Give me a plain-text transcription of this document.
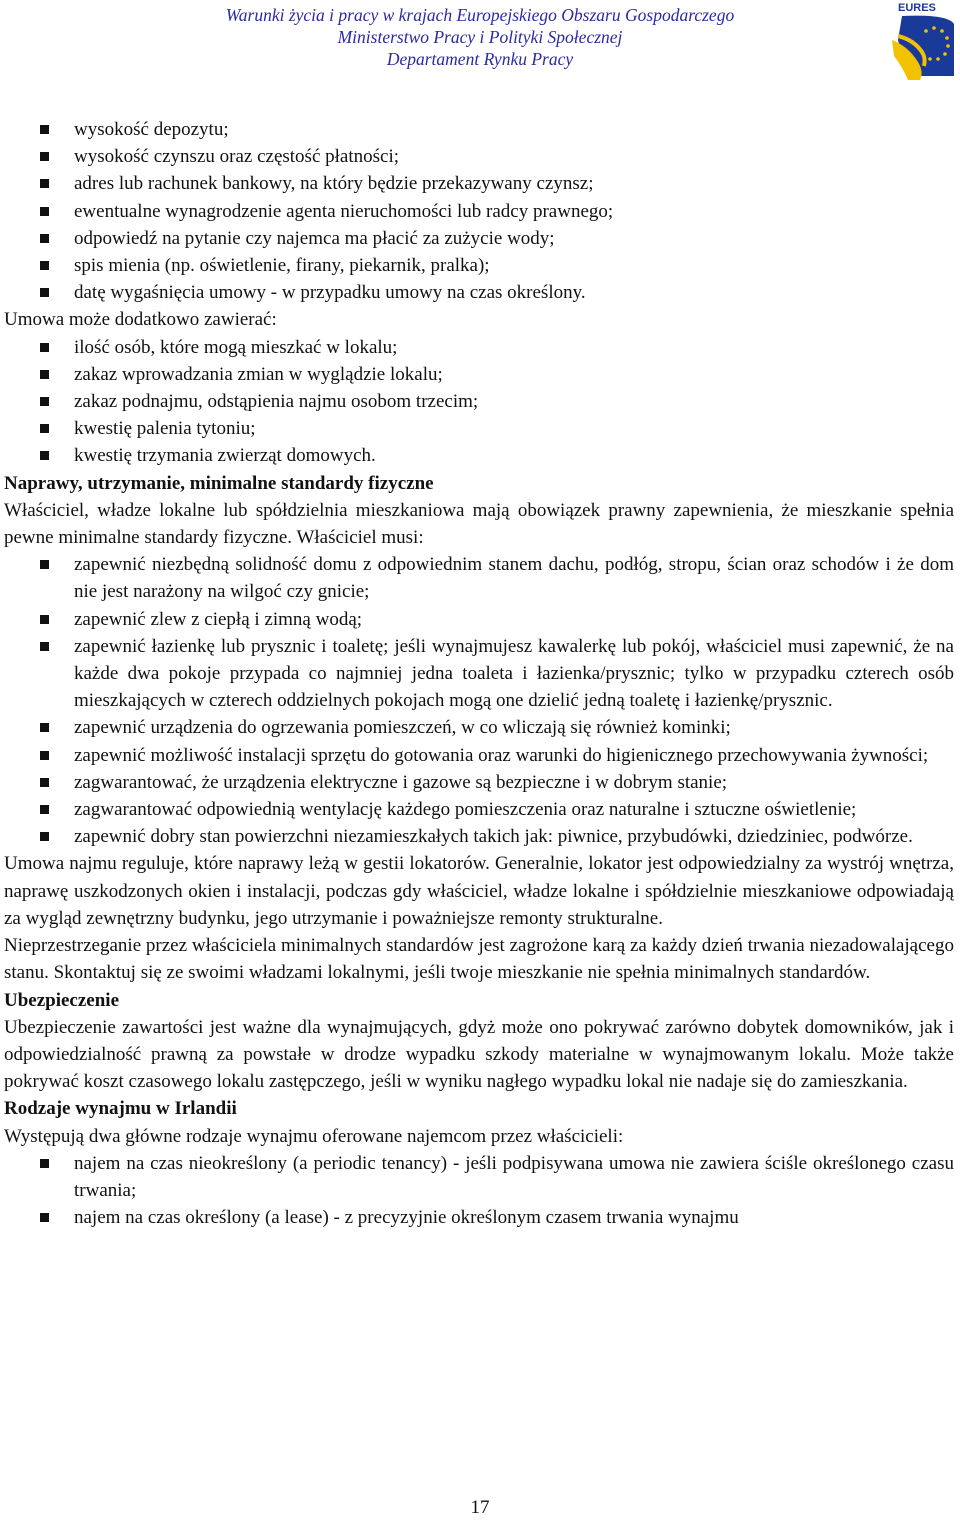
Warunki życia i pracy w krajach Europejskiego Obszaru Gospodarczego
Ministerstwo Pracy i Polityki Społecznej
Departament Rynku Pracy
EURES
wysokość depozytu;
wysokość czynszu oraz częstość płatności;
adres lub rachunek bankowy, na który będzie przekazywany czynsz;
ewentualne wynagrodzenie agenta nieruchomości lub radcy prawnego;
odpowiedź na pytanie czy najemca ma płacić za zużycie wody;
spis mienia (np. oświetlenie, firany, piekarnik, pralka);
datę wygaśnięcia umowy - w przypadku umowy na czas określony.

Umowa może dodatkowo zawierać:

ilość osób, które mogą mieszkać w lokalu;
zakaz wprowadzania zmian w wyglądzie lokalu;
zakaz podnajmu, odstąpienia najmu osobom trzecim;
kwestię palenia tytoniu;
kwestię trzymania zwierząt domowych.
Naprawy, utrzymanie, minimalne standardy fizyczne

Właściciel, władze lokalne lub spółdzielnia mieszkaniowa mają obowiązek prawny zapewnienia, że mieszkanie spełnia pewne minimalne standardy fizyczne. Właściciel musi:

zapewnić niezbędną solidność domu z odpowiednim stanem dachu, podłóg, stropu, ścian oraz schodów i że dom nie jest narażony na wilgoć czy gnicie;
zapewnić zlew z ciepłą i zimną wodą;
zapewnić łazienkę lub prysznic i toaletę; jeśli wynajmujesz kawalerkę lub pokój, właściciel musi zapewnić, że na każde dwa pokoje przypada co najmniej jedna toaleta i łazienka/prysznic; tylko w przypadku czterech osób mieszkających w czterech oddzielnych pokojach mogą one dzielić jedną toaletę i łazienkę/prysznic.
zapewnić urządzenia do ogrzewania pomieszczeń, w co wliczają się również kominki;
zapewnić możliwość instalacji sprzętu do gotowania oraz warunki do higienicznego przechowywania żywności;
zagwarantować, że urządzenia elektryczne i gazowe są bezpieczne i w dobrym stanie;
zagwarantować odpowiednią wentylację każdego pomieszczenia oraz naturalne i sztuczne oświetlenie;
zapewnić dobry stan powierzchni niezamieszkałych takich jak: piwnice, przybudówki, dziedziniec, podwórze.

Umowa najmu reguluje, które naprawy leżą w gestii lokatorów. Generalnie, lokator jest odpowiedzialny za wystrój wnętrza, naprawę uszkodzonych okien i instalacji, podczas gdy właściciel, władze lokalne i spółdzielnie mieszkaniowe odpowiadają za wygląd zewnętrzny budynku, jego utrzymanie i poważniejsze remonty strukturalne.

Nieprzestrzeganie przez właściciela minimalnych standardów jest zagrożone karą za każdy dzień trwania niezadowalającego stanu. Skontaktuj się ze swoimi władzami lokalnymi, jeśli twoje mieszkanie nie spełnia minimalnych standardów.

Ubezpieczenie

Ubezpieczenie zawartości jest ważne dla wynajmujących, gdyż może ono pokrywać zarówno dobytek domowników, jak i odpowiedzialność prawną za powstałe w drodze wypadku szkody materialne w wynajmowanym lokalu. Może także pokrywać koszt czasowego lokalu zastępczego, jeśli w wyniku nagłego wypadku lokal nie nadaje się do zamieszkania.

Rodzaje wynajmu w Irlandii

Występują dwa główne rodzaje wynajmu oferowane najemcom przez właścicieli:

najem na czas nieokreślony (a periodic tenancy) - jeśli podpisywana umowa nie zawiera ściśle określonego czasu trwania;
najem na czas określony (a lease) - z precyzyjnie określonym czasem trwania wynajmu
17
